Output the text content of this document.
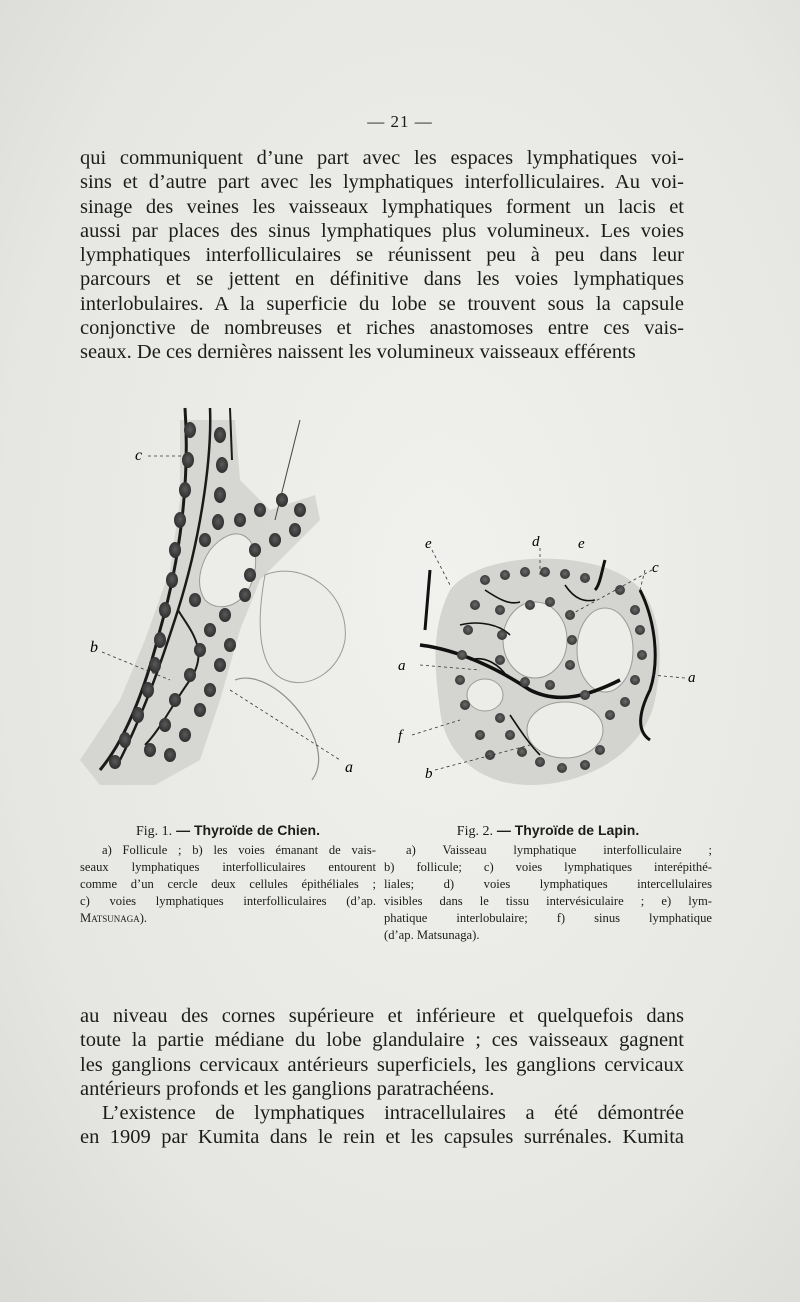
— 21 —
qui communiquent d’une part avec les espaces lymphatiques voi-
sins et d’autre part avec les lymphatiques interfolliculaires. Au voi-
sinage des veines les vaisseaux lymphatiques forment un lacis et
aussi par places des sinus lymphatiques plus volumineux. Les voies
lymphatiques interfolliculaires se réunissent peu à peu dans leur
parcours et se jettent en définitive dans les voies lymphatiques
interlobulaires. A la superficie du lobe se trouvent sous la capsule
conjonctive de nombreuses et riches anastomoses entre ces vais-
seaux. De ces dernières naissent les volumineux vaisseaux efférents
c
b
a
e	d	e
c
a
a
f
b
Fig. 1. — Thyroïde de Chien.
a) Follicule ; b) les voies émanant de vais-
seaux lymphatiques interfolliculaires entourent
comme d’un cercle deux cellules épithéliales ;
c) voies lymphatiques interfolliculaires (d’ap.
Matsunaga).
Fig. 2. — Thyroïde de Lapin.
a) Vaisseau lymphatique interfolliculaire ;
b) follicule; c) voies lymphatiques interépithé-
liales; d) voies lymphatiques intercellulaires
visibles dans le tissu intervésiculaire ; e) lym-
phatique interlobulaire; f) sinus lymphatique
(d’ap. Matsunaga).
au niveau des cornes supérieure et inférieure et quelquefois dans
toute la partie médiane du lobe glandulaire ; ces vaisseaux gagnent
les ganglions cervicaux antérieurs superficiels, les ganglions cervicaux
antérieurs profonds et les ganglions paratrachéens.
L’existence de lymphatiques intracellulaires a été démontrée
en 1909 par Kumita dans le rein et les capsules surrénales. Kumita
